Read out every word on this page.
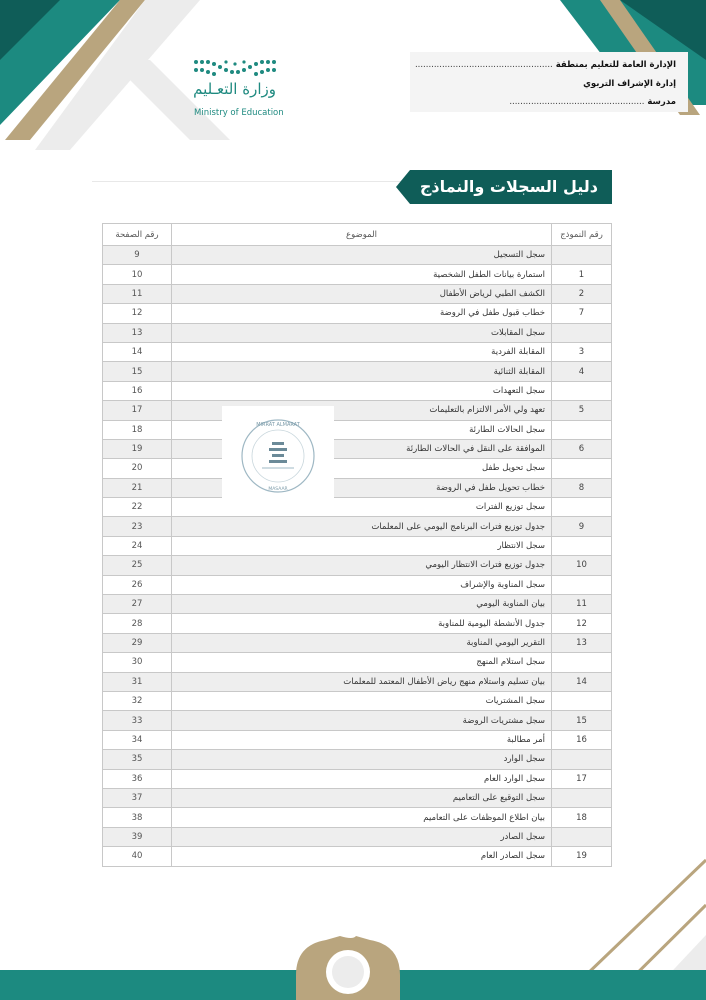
وزارة التعـليم
Ministry of Education
الإدارة العامة للتعليم بمنطقة ...................................................
إدارة الإشراف التربوي
مدرسة ..................................................
دليل السجلات والنماذج
رقم النموذج	الموضوع	رقم الصفحة
	سجل التسجيل	9
1	استمارة بيانات الطفل الشخصية	10
2	الكشف الطبي لرياض الأطفال	11
7	خطاب قبول طفل في الروضة	12
	سجل المقابلات	13
3	المقابلة الفردية	14
4	المقابلة الثنائية	15
	سجل التعهدات	16
5	تعهد ولي الأمر الالتزام بالتعليمات	17
	سجل الحالات الطارئة	18
6	الموافقة على النقل في الحالات الطارئة	19
	سجل تحويل طفل	20
8	خطاب تحويل طفل في الروضة	21
	سجل توزيع الفترات	22
9	جدول توزيع فترات البرنامج اليومي على المعلمات	23
	سجل الانتظار	24
10	جدول توزيع فترات الانتظار اليومي	25
	سجل المناوبة والإشراف	26
11	بيان المناوبة اليومي	27
12	جدول الأنشطة اليومية للمناوبة	28
13	التقرير اليومي المناوبة	29
	سجل استلام المنهج	30
14	بيان تسليم واستلام منهج رياض الأطفال المعتمد للمعلمات	31
	سجل المشتريات	32
15	سجل مشتريات الروضة	33
16	أمر مطالبة	34
	سجل الوارد	35
17	سجل الوارد العام	36
	سجل التوقيع على التعاميم	37
18	بيان اطلاع الموظفات على التعاميم	38
	سجل الصادر	39
19	سجل الصادر العام	40
MIRRAT ALMARAT
MASAAR
